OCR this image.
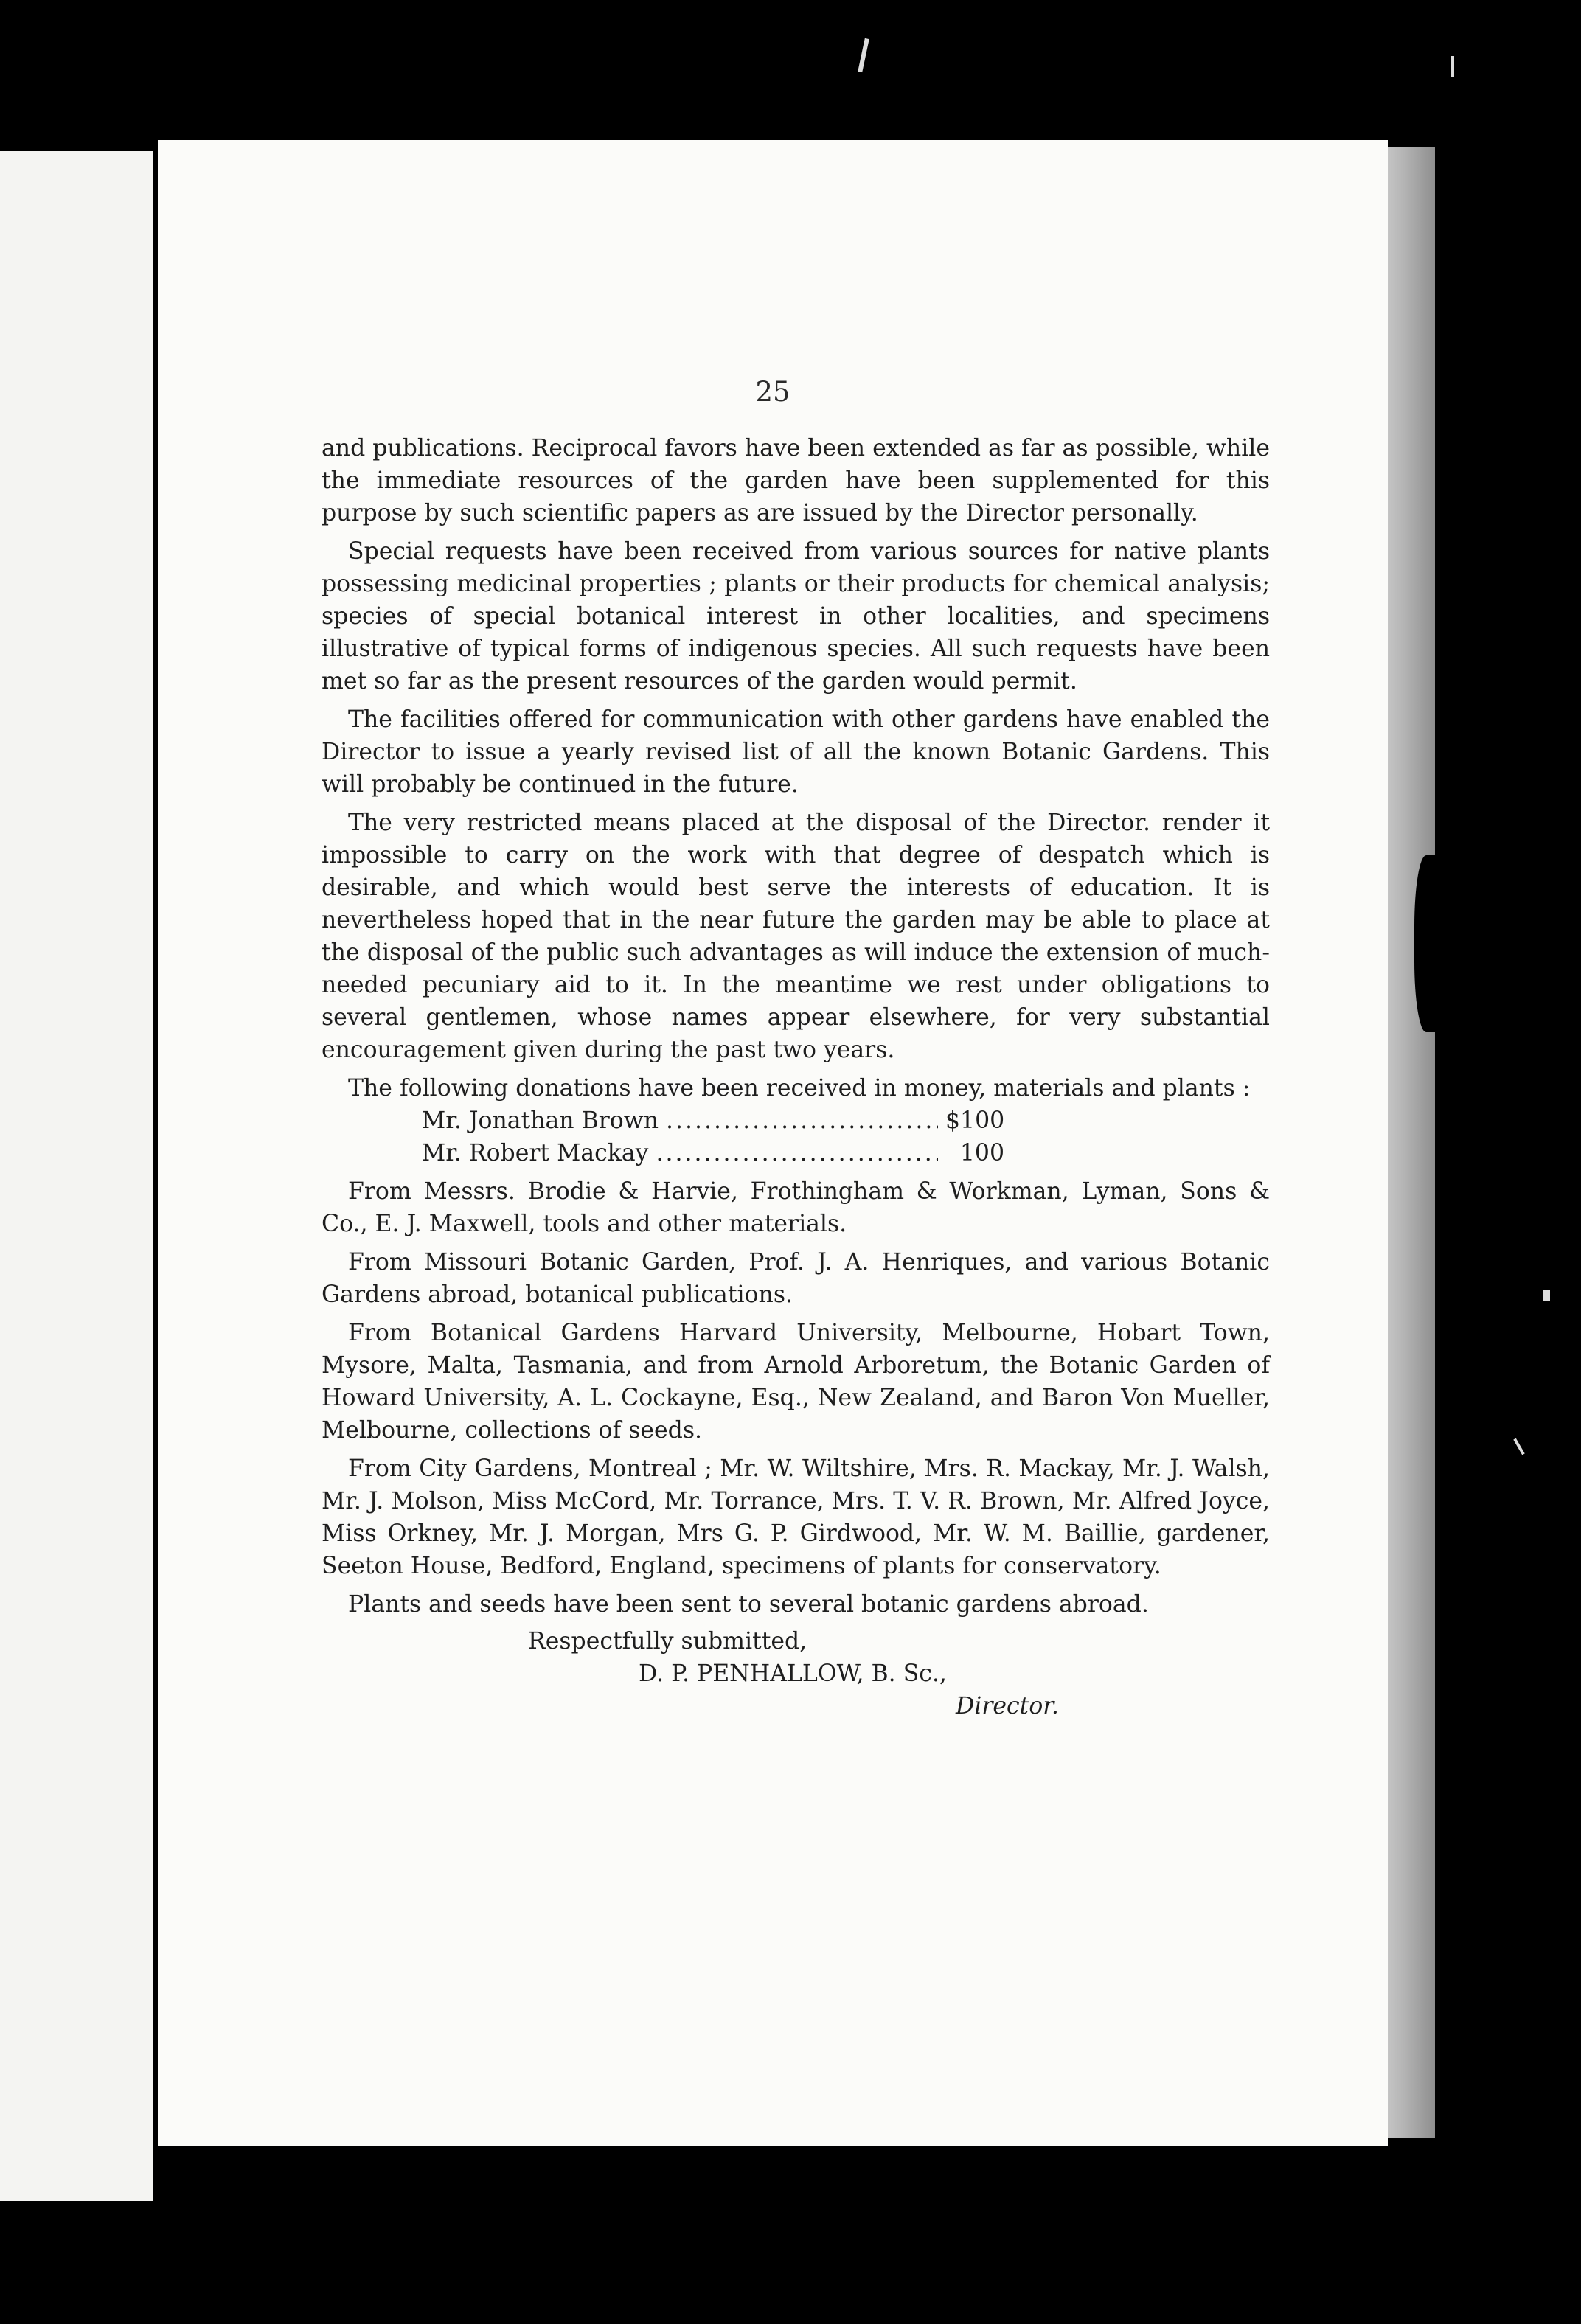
25

and publications. Reciprocal favors have been extended as far as possible, while the immediate resources of the garden have been supplemented for this purpose by such scientific papers as are issued by the Director personally.

Special requests have been received from various sources for native plants possessing medicinal properties ; plants or their products for chemical analysis; species of special botanical interest in other localities, and specimens illustrative of typical forms of indigenous species. All such requests have been met so far as the present resources of the garden would permit.

The facilities offered for communication with other gardens have enabled the Director to issue a yearly revised list of all the known Botanic Gardens. This will probably be continued in the future.

The very restricted means placed at the disposal of the Director. render it impossible to carry on the work with that degree of despatch which is desirable, and which would best serve the interests of education. It is nevertheless hoped that in the near future the garden may be able to place at the disposal of the public such advantages as will induce the extension of much-needed pecuniary aid to it. In the meantime we rest under obligations to several gentlemen, whose names appear elsewhere, for very substantial encouragement given during the past two years.

The following donations have been received in money, materials and plants :

Mr. Jonathan Brown .....	$100
Mr. Robert Mackay .....	100

From Messrs. Brodie & Harvie, Frothingham & Workman, Lyman, Sons & Co., E. J. Maxwell, tools and other materials.

From Missouri Botanic Garden, Prof. J. A. Henriques, and various Botanic Gardens abroad, botanical publications.

From Botanical Gardens Harvard University, Melbourne, Hobart Town, Mysore, Malta, Tasmania, and from Arnold Arboretum, the Botanic Garden of Howard University, A. L. Cockayne, Esq., New Zealand, and Baron Von Mueller, Melbourne, collections of seeds.

From City Gardens, Montreal ; Mr. W. Wiltshire, Mrs. R. Mackay, Mr. J. Walsh, Mr. J. Molson, Miss McCord, Mr. Torrance, Mrs. T. V. R. Brown, Mr. Alfred Joyce, Miss Orkney, Mr. J. Morgan, Mrs G. P. Girdwood, Mr. W. M. Baillie, gardener, Seeton House, Bedford, England, specimens of plants for conservatory.

Plants and seeds have been sent to several botanic gardens abroad.

Respectfully submitted,
D. P. PENHALLOW, B. Sc.,
Director.
